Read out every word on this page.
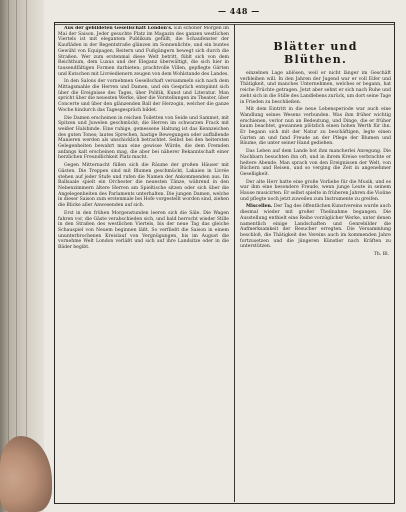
— 448 —

Aus der gebildeten Gesellschaft London's. Ein schöner Morgen im Mai der Saison. Jeder gesuchte Platz im Magazin des ganzen westlichen Viertels ist mit elegantem Publikum gefüllt, die Schaufenster der Kaufläden in der Regentstraße glänzen im Sonnenlichte, und ein buntes Gewühl von Equipagen, Reitern und Fußgängern bewegt sich durch die Straßen. Wer zum erstenmal diese Welt betritt, fühlt sich von dem Reichthum, dem Luxus und der Eleganz überwältigt, die sich hier in tausendfältigen Formen darbieten; prachtvolle Villen, gepflegte Gärten und Kutschen mit Livréedienern zeugen von dem Wohlstande des Landes.

In den Salons der vornehmen Gesellschaft versammeln sich nach dem Mittagsmahle die Herren und Damen, und ein Gespräch entspinnt sich über die Ereignisse des Tages, über Politik, Kunst und Literatur. Man spricht über die neuesten Werke, über die Vorstellungen im Theater, über Concerte und über den glänzenden Ball der Herzogin, welcher die ganze Woche hindurch das Tagesgespräch bildet.

Die Damen erscheinen in reichen Toiletten von Seide und Sammet, mit Spitzen und Juwelen geschmückt; die Herren im schwarzen Frack mit weißer Halsbinde. Eine ruhige, gemessene Haltung ist das Kennzeichen des guten Tones; lautes Sprechen, hastige Bewegungen oder auffallende Manieren werden als unschicklich betrachtet. Selbst bei den heitersten Gelegenheiten bewahrt man eine gewisse Würde, die dem Fremden anfangs kalt erscheinen mag, die aber bei näherer Bekanntschaft einer herzlichen Freundlichkeit Platz macht.

Gegen Mitternacht füllen sich die Räume der großen Häuser mit Gästen. Die Treppen sind mit Blumen geschmückt, Lakaien in Livrée stehen auf jeder Stufe und rufen die Namen der Ankommenden aus. Im Ballsaale spielt ein Orchester die neuesten Tänze, während in den Nebenzimmern ältere Herren am Spieltische sitzen oder sich über die Angelegenheiten des Parlaments unterhalten. Die jungen Damen, welche in dieser Saison zum erstenmale bei Hofe vorgestellt worden sind, ziehen die Blicke aller Anwesenden auf sich.

Erst in den frühen Morgenstunden leeren sich die Säle. Die Wagen fahren vor, die Gäste verabschieden sich, und bald herrscht wieder Stille in den Straßen des westlichen Viertels, bis der neue Tag das gleiche Schauspiel von Neuem beginnen läßt. So verfließt die Saison in einem ununterbrochenen Kreislauf von Vergnügungen, bis im August die vornehme Welt London verläßt und sich auf ihre Landsitze oder in die Bäder begibt.

Blätter und Blüthen.

einzelnen Lage ablösen, weil er nicht länger im Geschäft verbleiben will. In den Jahren der Jugend war er voll Eifer und Thätigkeit, und manches Unternehmen, welches er begann, hat reiche Früchte getragen. Jetzt aber sehnt er sich nach Ruhe und zieht sich in die Stille des Landlebens zurück, um dort seine Tage in Frieden zu beschließen.

Mit dem Eintritt in die neue Lebensperiode war auch eine Wandlung seines Wesens verbunden. Was ihm früher wichtig erschienen, verlor nun an Bedeutung, und Dinge, die er früher kaum beachtet, gewannen plötzlich einen hohen Werth für ihn. Er begann sich mit der Natur zu beschäftigen, legte einen Garten an und fand Freude an der Pflege der Blumen und Bäume, die unter seiner Hand gediehen.

Das Leben auf dem Lande bot ihm mancherlei Anregung. Die Nachbarn besuchten ihn oft, und in ihrem Kreise verbrachte er heitere Abende. Man sprach von den Ereignissen der Welt, von Büchern und Reisen, und so verging die Zeit in angenehmer Geselligkeit.

Der alte Herr hatte eine große Vorliebe für die Musik, und es war ihm eine besondere Freude, wenn junge Leute in seinem Hause musicirten. Er selbst spielte in früheren Jahren die Violine und pflegte noch jetzt zuweilen zum Instrumente zu greifen.

Miscellen. Der Tag des öffentlichen Kunstvereins wurde auch diesmal wieder mit großer Theilnahme begangen. Die Ausstellung enthielt eine Reihe vorzüglicher Werke, unter denen namentlich einige Landschaften und Genrebilder die Aufmerksamkeit der Besucher erregten. Die Versammlung beschloß, die Thätigkeit des Vereins auch im kommenden Jahre fortzusetzen und die jüngeren Künstler nach Kräften zu unterstützen.

Th. Bl.
